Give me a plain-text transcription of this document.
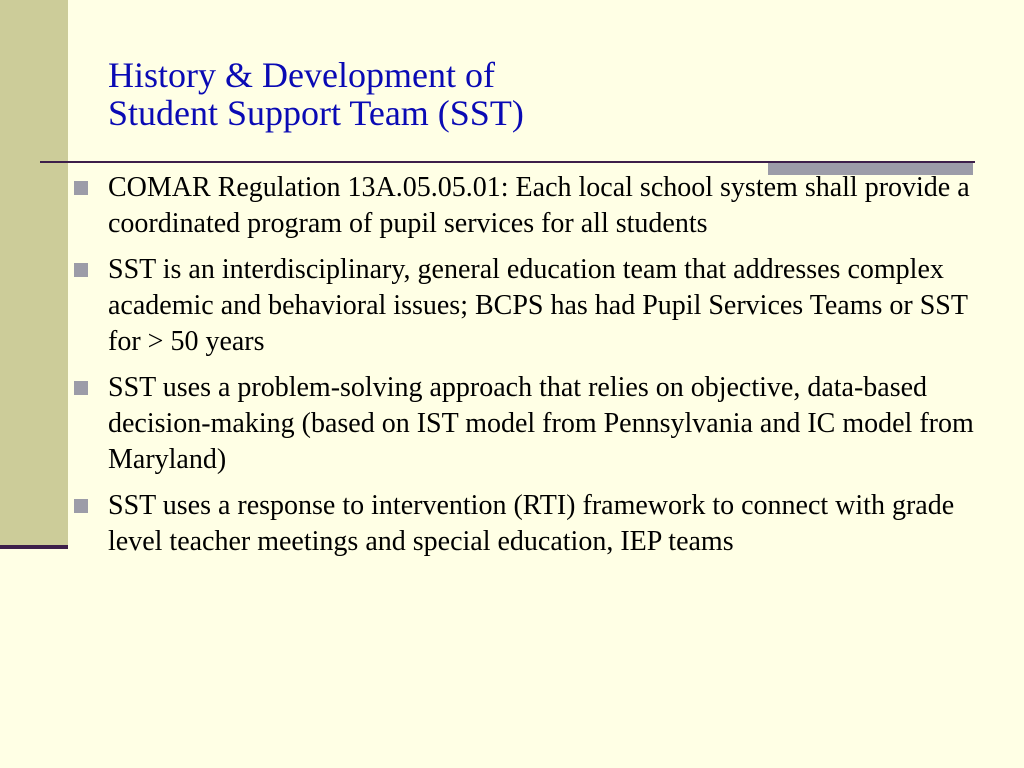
History & Development of
Student Support Team (SST)
COMAR Regulation 13A.05.05.01: Each local school system shall provide a coordinated program of pupil services for all students
SST is an interdisciplinary, general education team that addresses complex academic and behavioral issues; BCPS has had Pupil Services Teams or SST for > 50 years
SST uses a problem-solving approach that relies on objective, data-based decision-making (based on IST model from Pennsylvania and IC model from Maryland)
SST uses a response to intervention (RTI) framework to connect with grade level teacher meetings and special education, IEP teams
